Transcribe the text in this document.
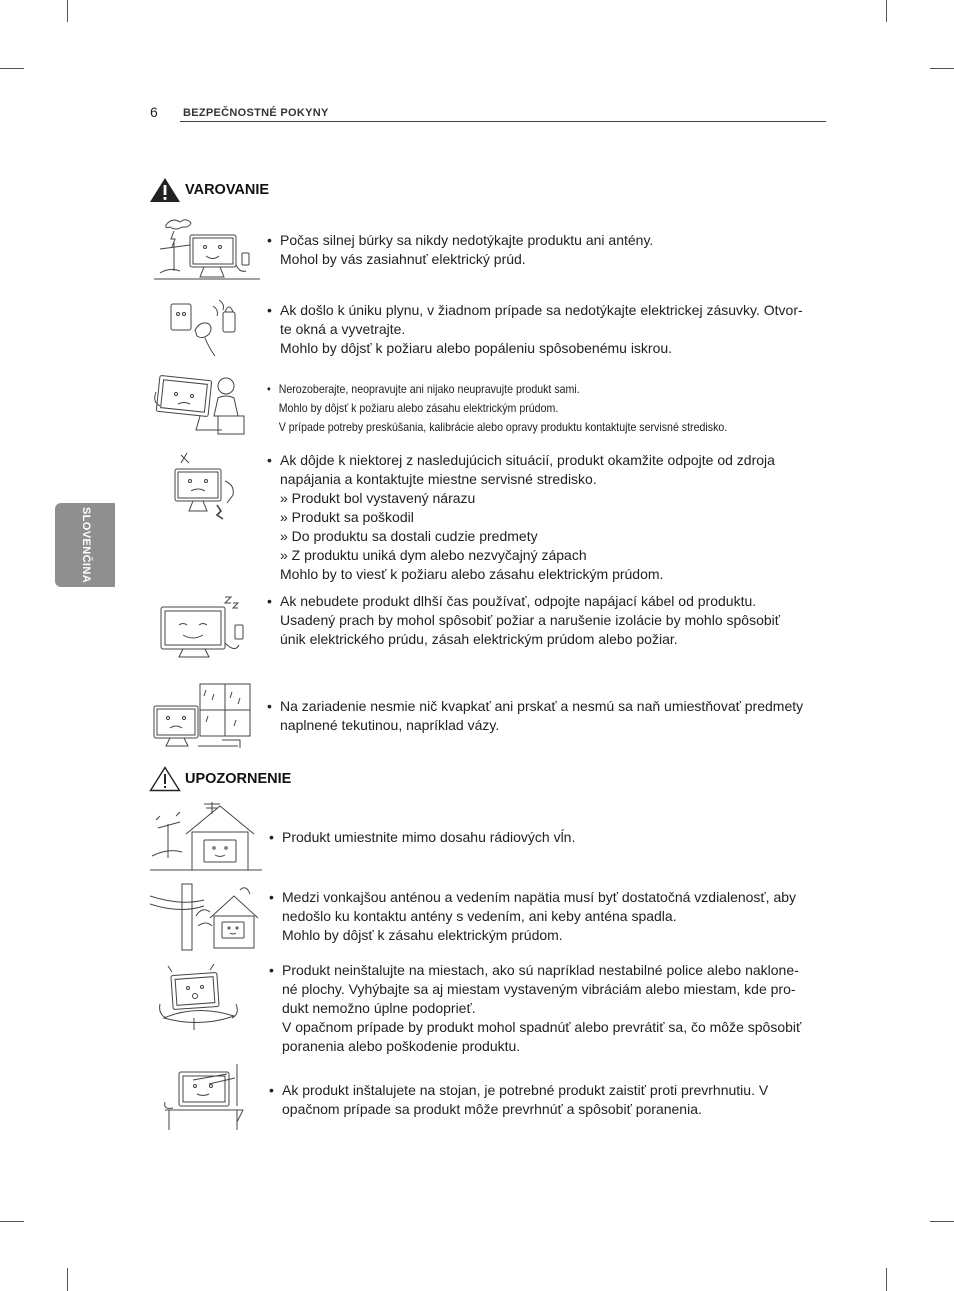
6 BEZPEČNOSTNÉ POKYNY
SLOVENČINA
VAROVANIE
UPOZORNENIE
• Počas silnej búrky sa nikdy nedotýkajte produktu ani antény.
Mohol by vás zasiahnuť elektrický prúd.
• Ak došlo k úniku plynu, v žiadnom prípade sa nedotýkajte elektrickej zásuvky. Otvor-
te okná a vyvetrajte.
Mohlo by dôjsť k požiaru alebo popáleniu spôsobenému iskrou.
• Nerozoberajte, neopravujte ani nijako neupravujte produkt sami.
Mohlo by dôjsť k požiaru alebo zásahu elektrickým prúdom.
V prípade potreby preskúšania, kalibrácie alebo opravy produktu kontaktujte servisné stredisko.
• Ak dôjde k niektorej z nasledujúcich situácií, produkt okamžite odpojte od zdroja
napájania a kontaktujte miestne servisné stredisko.
» Produkt bol vystavený nárazu
» Produkt sa poškodil
» Do produktu sa dostali cudzie predmety
» Z produktu uniká dym alebo nezvyčajný zápach
Mohlo by to viesť k požiaru alebo zásahu elektrickým prúdom.
• Ak nebudete produkt dlhší čas používať, odpojte napájací kábel od produktu.
Usadený prach by mohol spôsobiť požiar a narušenie izolácie by mohlo spôsobiť
únik elektrického prúdu, zásah elektrickým prúdom alebo požiar.
• Na zariadenie nesmie nič kvapkať ani prskať a nesmú sa naň umiestňovať predmety
naplnené tekutinou, napríklad vázy.
• Produkt umiestnite mimo dosahu rádiových vĺn.
• Medzi vonkajšou anténou a vedením napätia musí byť dostatočná vzdialenosť, aby
nedošlo ku kontaktu antény s vedením, ani keby anténa spadla.
Mohlo by dôjsť k zásahu elektrickým prúdom.
• Produkt neinštalujte na miestach, ako sú napríklad nestabilné police alebo naklone-
né plochy. Vyhýbajte sa aj miestam vystaveným vibráciám alebo miestam, kde pro-
dukt nemožno úplne podoprieť.
V opačnom prípade by produkt mohol spadnúť alebo prevrátiť sa, čo môže spôsobiť
poranenia alebo poškodenie produktu.
• Ak produkt inštalujete na stojan, je potrebné produkt zaistiť proti prevrhnutiu. V
opačnom prípade sa produkt môže prevrhnúť a spôsobiť poranenia.
